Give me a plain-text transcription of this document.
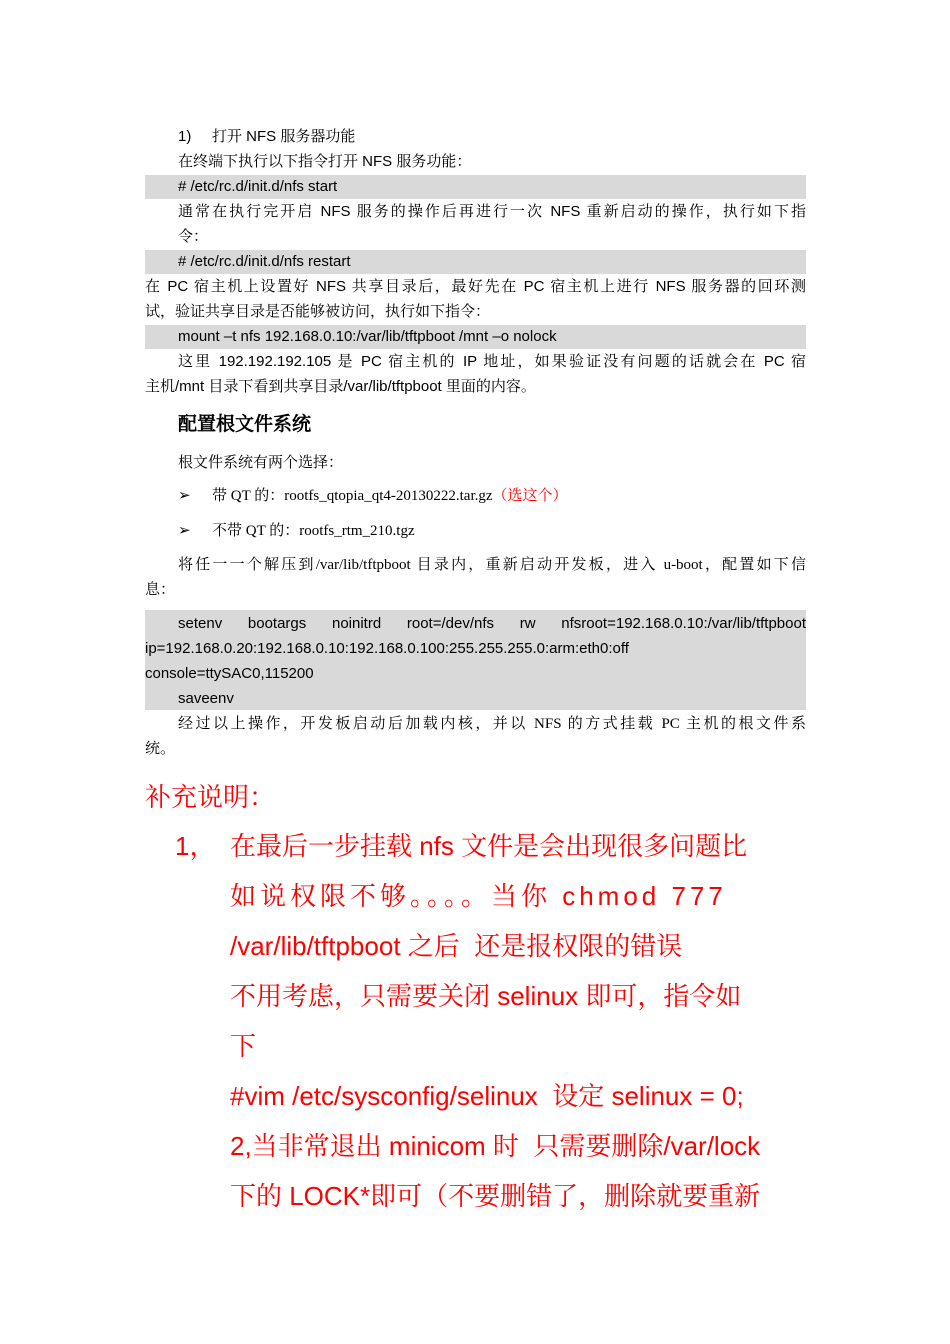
1) 打开 NFS 服务器功能
在终端下执行以下指令打开 NFS 服务功能：
# /etc/rc.d/init.d/nfs start
通常在执行完开启 NFS 服务的操作后再进行一次 NFS 重新启动的操作，执行如下指
令：
# /etc/rc.d/init.d/nfs restart
在 PC 宿主机上设置好 NFS 共享目录后，最好先在 PC 宿主机上进行 NFS 服务器的回环测
试，验证共享目录是否能够被访问，执行如下指令：
mount –t nfs 192.168.0.10:/var/lib/tftpboot /mnt –o nolock
这里 192.192.192.105 是 PC 宿主机的 IP 地址，如果验证没有问题的话就会在 PC 宿
主机/mnt 目录下看到共享目录/var/lib/tftpboot 里面的内容。
配置根文件系统
根文件系统有两个选择：
➢ 带 QT 的：rootfs_qtopia_qt4-20130222.tar.gz（选这个）
➢ 不带 QT 的：rootfs_rtm_210.tgz
将任一一个解压到/var/lib/tftpboot 目录内，重新启动开发板，进入 u-boot，配置如下信
息：
setenv bootargs noinitrd root=/dev/nfs rw nfsroot=192.168.0.10:/var/lib/tftpboot
ip=192.168.0.20:192.168.0.10:192.168.0.100:255.255.255.0:arm:eth0:off
console=ttySAC0,115200
saveenv
经过以上操作，开发板启动后加载内核，并以 NFS 的方式挂载 PC 主机的根文件系
统。
补充说明：
1， 在最后一步挂载 nfs 文件是会出现很多问题比
如说权限不够。。。。当你 chmod 777
/var/lib/tftpboot 之后  还是报权限的错误
不用考虑，只需要关闭 selinux 即可，指令如
下
#vim /etc/sysconfig/selinux  设定 selinux = 0;
2,当非常退出 minicom 时  只需要删除/var/lock
下的 LOCK*即可（不要删错了，删除就要重新
